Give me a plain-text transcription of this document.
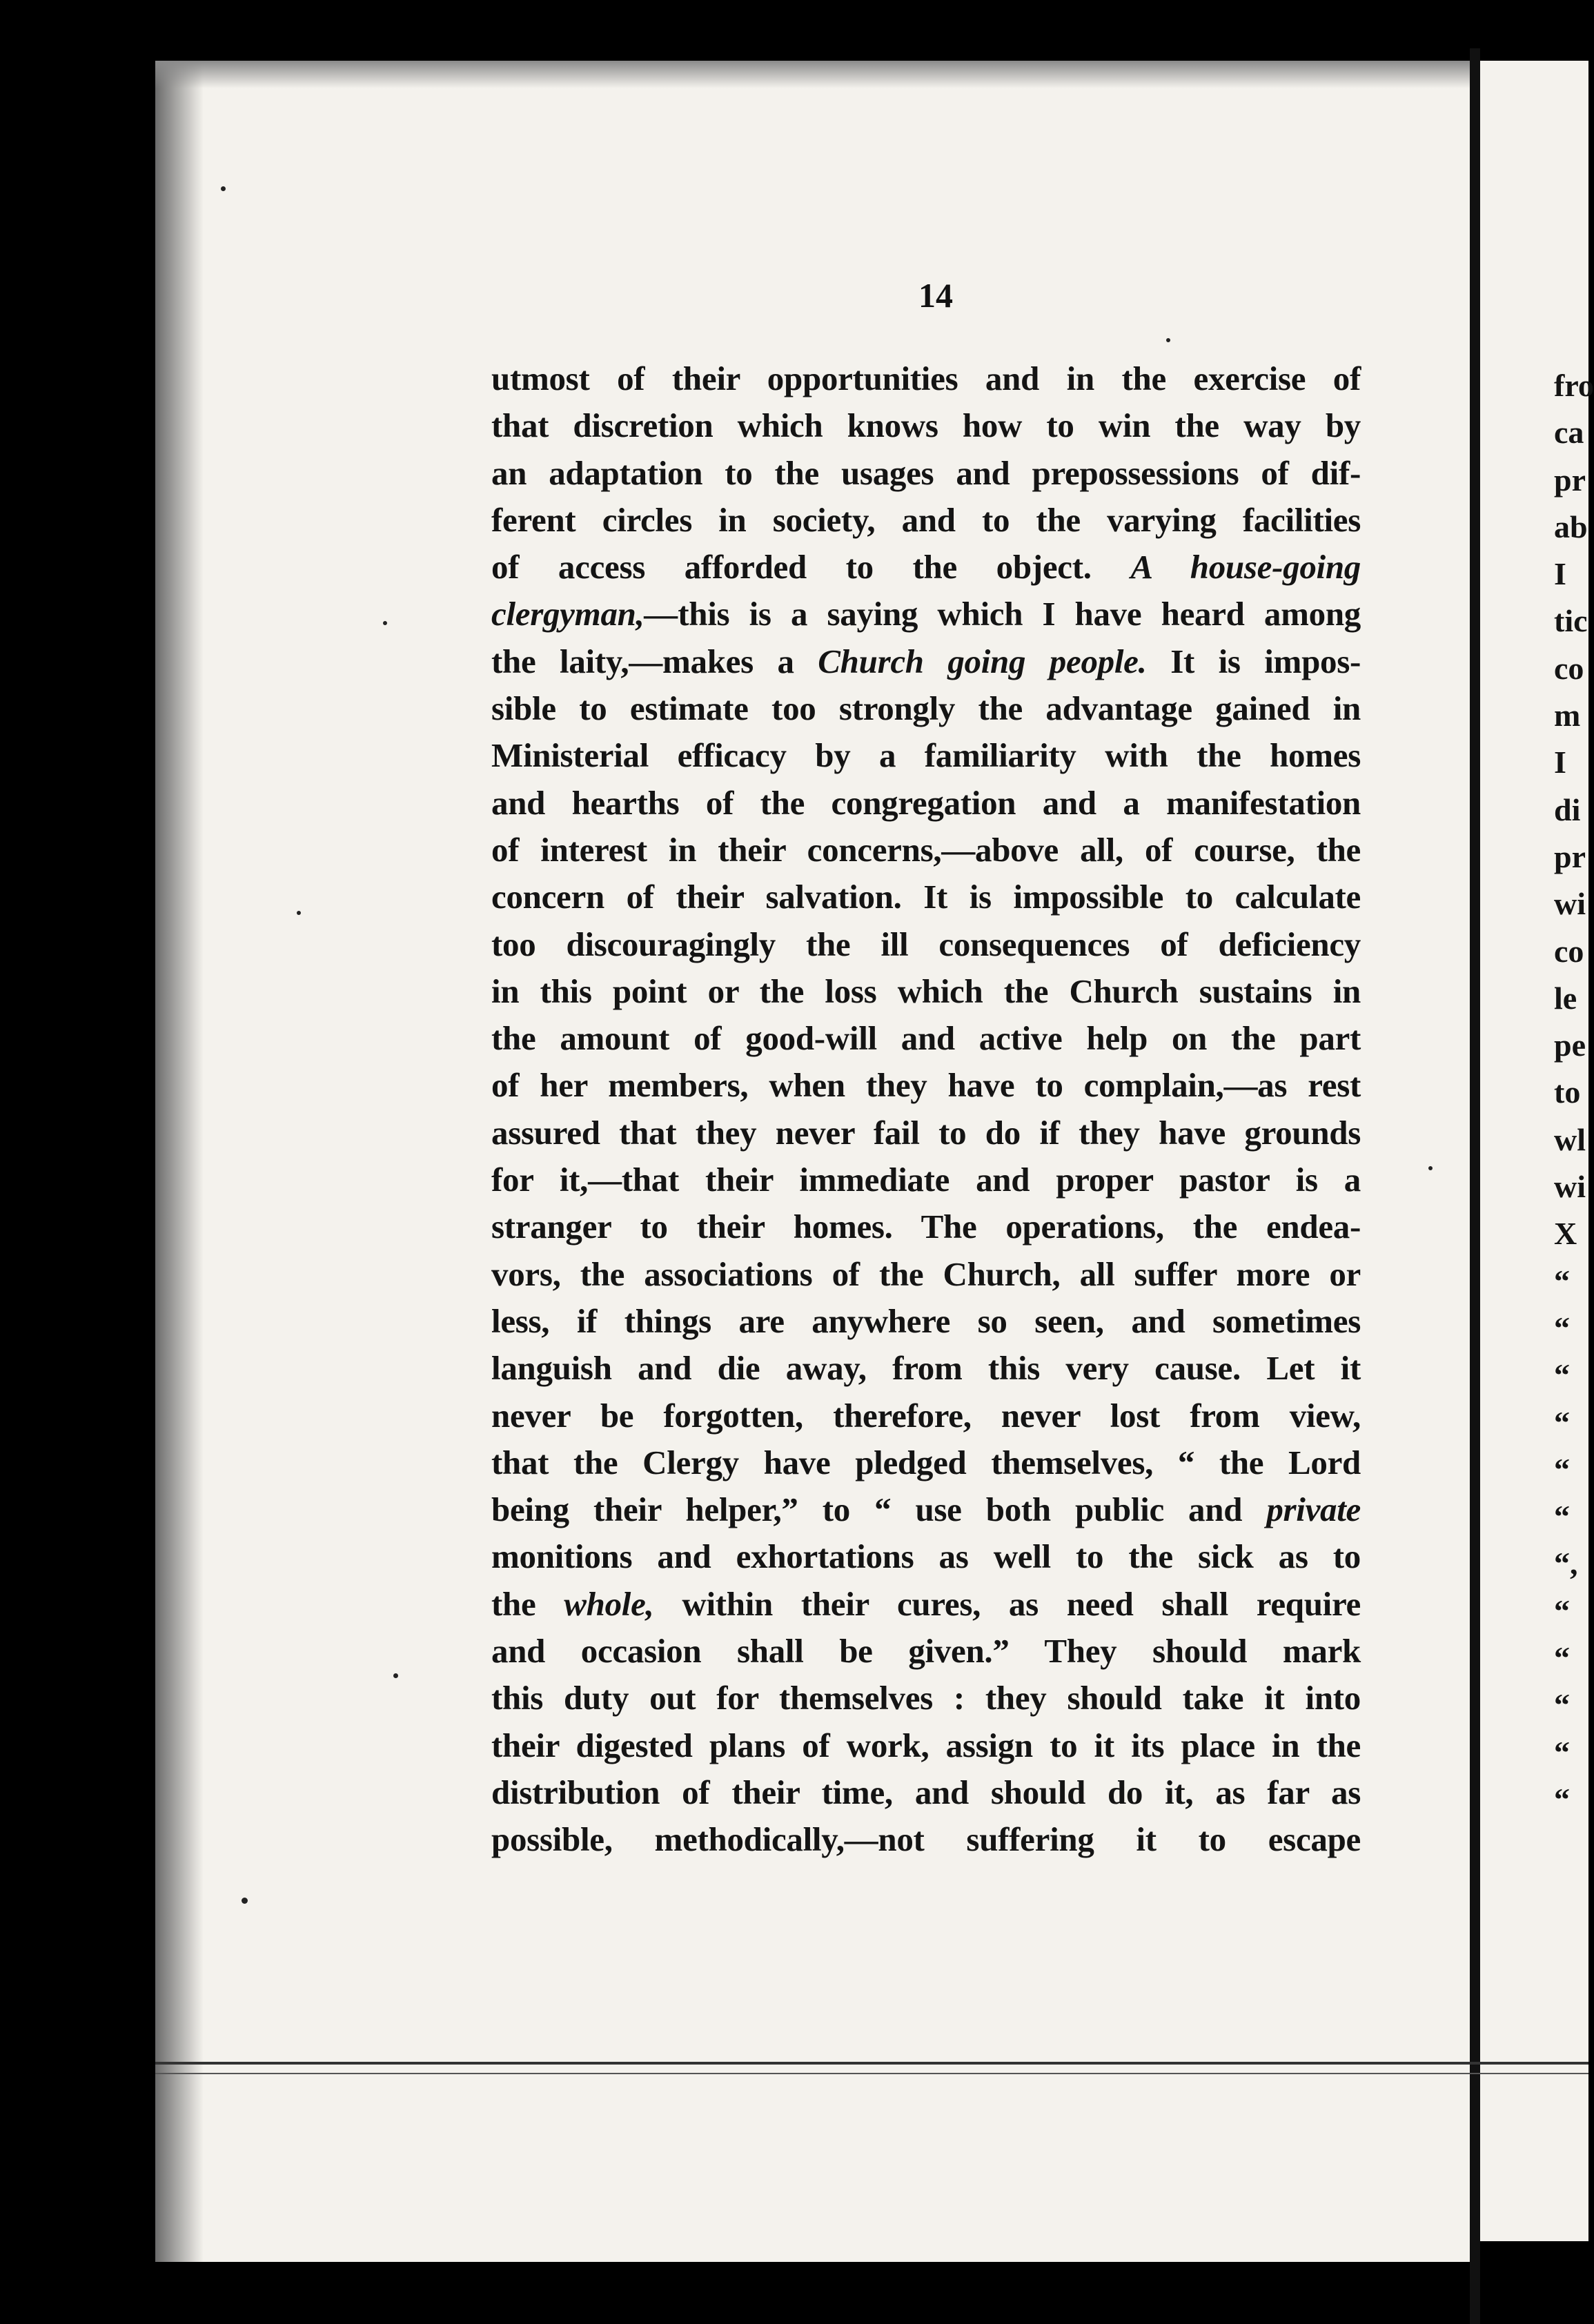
14
utmost of their opportunities and in the exercise of
that discretion which knows how to win the way by
an adaptation to the usages and prepossessions of dif-
ferent circles in society, and to the varying facilities
of access afforded to the object. A house-going
clergyman,—this is a saying which I have heard among
the laity,—makes a Church going people. It is impos-
sible to estimate too strongly the advantage gained in
Ministerial efficacy by a familiarity with the homes
and hearths of the congregation and a manifestation
of interest in their concerns,—above all, of course, the
concern of their salvation. It is impossible to calculate
too discouragingly the ill consequences of deficiency
in this point or the loss which the Church sustains in
the amount of good-will and active help on the part
of her members, when they have to complain,—as rest
assured that they never fail to do if they have grounds
for it,—that their immediate and proper pastor is a
stranger to their homes. The operations, the endea-
vors, the associations of the Church, all suffer more or
less, if things are anywhere so seen, and sometimes
languish and die away, from this very cause. Let it
never be forgotten, therefore, never lost from view,
that the Clergy have pledged themselves, “ the Lord
being their helper,” to “ use both public and private
monitions and exhortations as well to the sick as to
the whole, within their cures, as need shall require
and occasion shall be given.” They should mark
this duty out for themselves : they should take it into
their digested plans of work, assign to it its place in the
distribution of their time, and should do it, as far as
possible, methodically,—not suffering it to escape
fro
ca
pr
ab
I
tic
co
m
I
di
pr
wi
co
le
pe
to
wl
wi
X
“
“
“
“
“
“
“,
“
“
“
“
“
